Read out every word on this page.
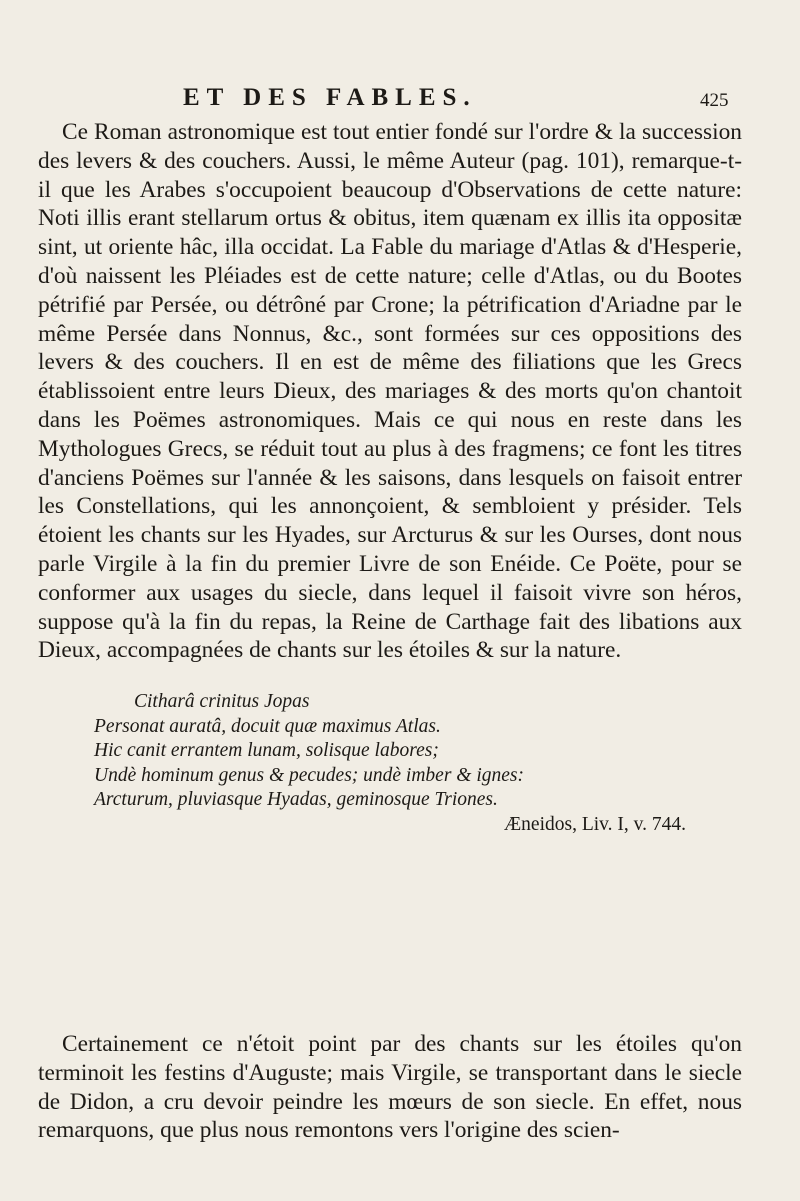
ET DES FABLES.	425

Ce Roman astronomique est tout entier fondé sur l'ordre & la succession des levers & des couchers. Aussi, le même Auteur (pag. 101), remarque-t-il que les Arabes s'occupoient beaucoup d'Observations de cette nature: Noti illis erant stellarum ortus & obitus, item quænam ex illis ita oppositæ sint, ut oriente hâc, illa occidat. La Fable du mariage d'Atlas & d'Hesperie, d'où naissent les Pléiades est de cette nature; celle d'Atlas, ou du Bootes pétrifié par Persée, ou détrôné par Crone; la pétrification d'Ariadne par le même Persée dans Nonnus, &c., sont formées sur ces oppositions des levers & des couchers. Il en est de même des filiations que les Grecs établissoient entre leurs Dieux, des mariages & des morts qu'on chantoit dans les Poëmes astronomiques. Mais ce qui nous en reste dans les Mythologues Grecs, se réduit tout au plus à des fragmens; ce font les titres d'anciens Poëmes sur l'année & les saisons, dans lesquels on faisoit entrer les Constellations, qui les annonçoient, & sembloient y présider. Tels étoient les chants sur les Hyades, sur Arcturus & sur les Ourses, dont nous parle Virgile à la fin du premier Livre de son Enéide. Ce Poëte, pour se conformer aux usages du siecle, dans lequel il faisoit vivre son héros, suppose qu'à la fin du repas, la Reine de Carthage fait des libations aux Dieux, accompagnées de chants sur les étoiles & sur la nature.

Citharâ crinitus Jopas
Personat auratâ, docuit quæ maximus Atlas.
Hic canit errantem lunam, solisque labores;
Undè hominum genus & pecudes; undè imber & ignes:
Arcturum, pluviasque Hyadas, geminosque Triones.
Æneidos, Liv. I, v. 744.

Certainement ce n'étoit point par des chants sur les étoiles qu'on terminoit les festins d'Auguste; mais Virgile, se transportant dans le siecle de Didon, a cru devoir peindre les mœurs de son siecle. En effet, nous remarquons, que plus nous remontons vers l'origine des scien-
